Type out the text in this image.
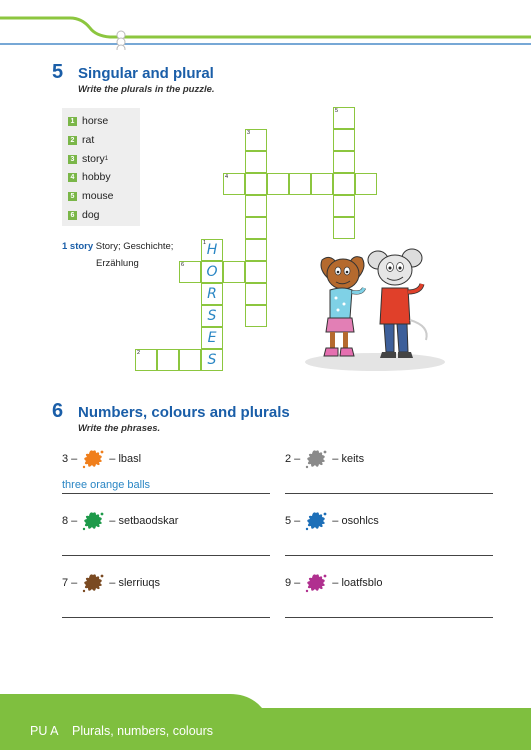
5 Singular and plural
Write the plurals in the puzzle.
1 horse
2 rat
3 story 1
4 hobby
5 mouse
6 dog
1 story Story; Geschichte;
Erzählung
5
3
4
6	O
1 H
R
S
E
S
2
6 Numbers, colours and plurals
Write the phrases.
3 –	– lbasl
three orange balls
2 –	– keits
8 –	– setbaodskar	5 –	– osohlcs
7 –	– slerriuqs	9 –	– loatfsblo
PU A Plurals, numbers, colours
